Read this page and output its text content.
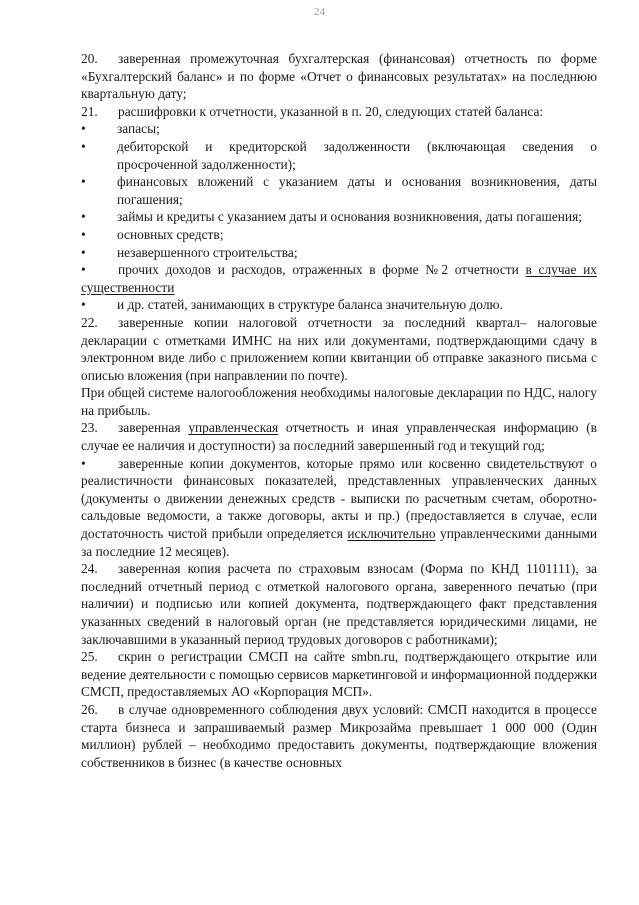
24

20. заверенная промежуточная бухгалтерская (финансовая) отчетность по форме «Бухгалтерский баланс» и по форме «Отчет о финансовых результатах» на последнюю квартальную дату;

21. расшифровки к отчетности, указанной в п. 20, следующих статей баланса:

•	запасы;
•	дебиторской и кредиторской задолженности (включающая сведения о просроченной задолженности);
•	финансовых вложений с указанием даты и основания возникновения, даты погашения;
•	займы и кредиты с указанием даты и основания возникновения, даты погашения;
•	основных средств;
•	незавершенного строительства;

• прочих доходов и расходов, отраженных в форме №2 отчетности в случае их существенности

•	и др. статей, занимающих в структуре баланса значительную долю.

22. заверенные копии налоговой отчетности за последний квартал– налоговые декларации с отметками ИМНС на них или документами, подтверждающими сдачу в электронном виде либо с приложением копии квитанции об отправке заказного письма с описью вложения (при направлении по почте).

При общей системе налогообложения необходимы налоговые декларации по НДС, налогу на прибыль.

23. заверенная управленческая отчетность и иная управленческая информацию (в случае ее наличия и доступности) за последний завершенный год и текущий год;

• заверенные копии документов, которые прямо или косвенно свидетельствуют о реалистичности финансовых показателей, представленных управленческих данных (документы о движении денежных средств - выписки по расчетным счетам, оборотно-сальдовые ведомости, а также договоры, акты и пр.) (предоставляется в случае, если достаточность чистой прибыли определяется исключительно управленческими данными за последние 12 месяцев).

24. заверенная копия расчета по страховым взносам (Форма по КНД 1101111), за последний отчетный период с отметкой налогового органа, заверенного печатью (при наличии) и подписью или копией документа, подтверждающего факт представления указанных сведений в налоговый орган (не представляется юридическими лицами, не заключавшими в указанный период трудовых договоров с работниками);

25. скрин о регистрации СМСП на сайте smbn.ru, подтверждающего открытие или ведение деятельности с помощью сервисов маркетинговой и информационной поддержки СМСП, предоставляемых АО «Корпорация МСП».

26. в случае одновременного соблюдения двух условий: СМСП находится в процессе старта бизнеса и запрашиваемый размер Микрозайма превышает 1 000 000 (Один миллион) рублей – необходимо предоставить документы, подтверждающие вложения собственников в бизнес (в качестве основных
